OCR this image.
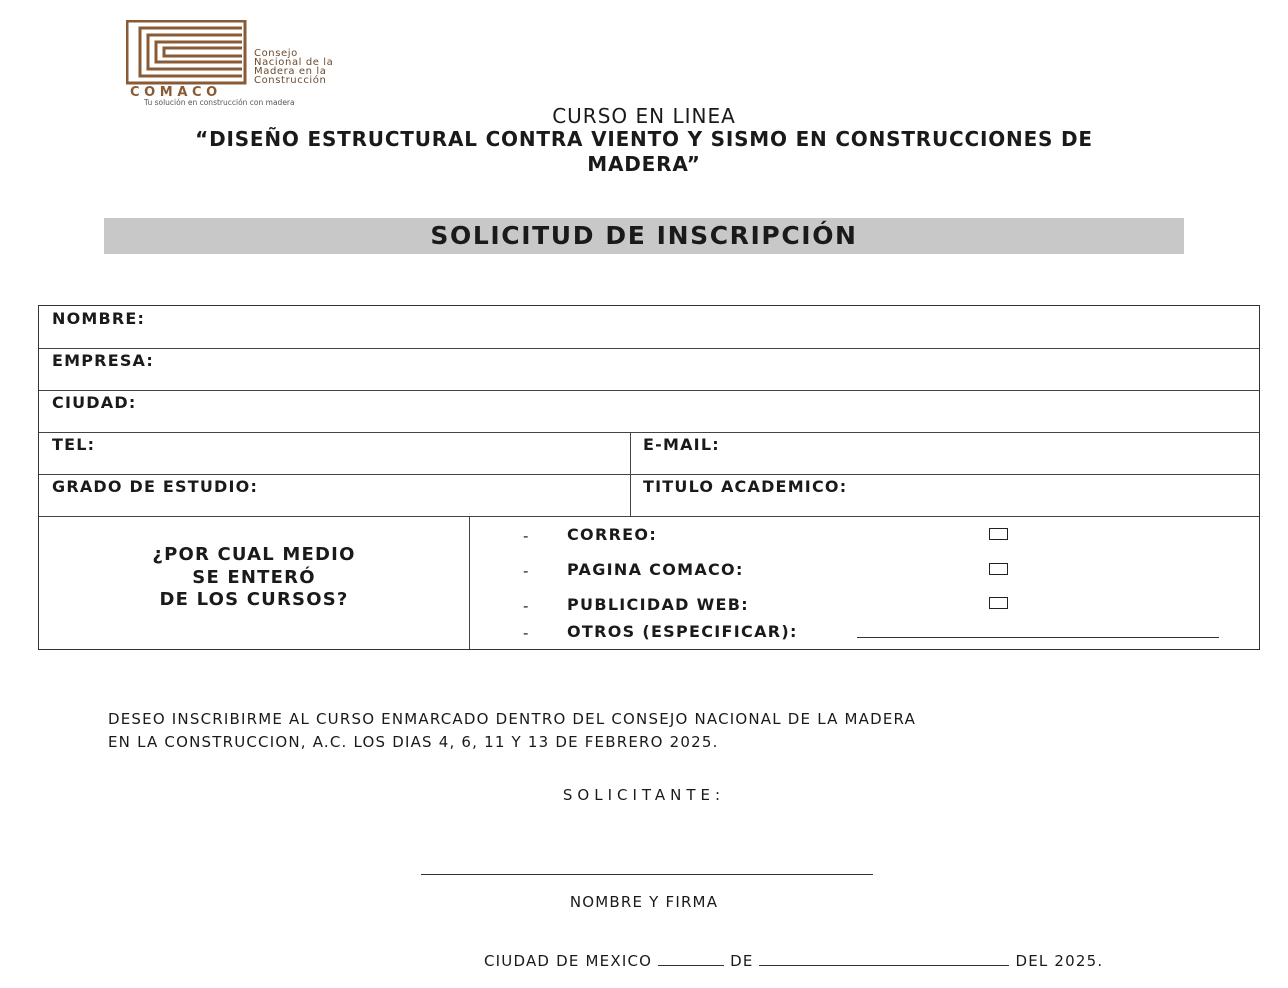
Consejo
Nacional de la
Madera en la
Construcción
COMACO
Tu solución en construcción con madera
CURSO EN LINEA
“DISEÑO ESTRUCTURAL CONTRA VIENTO Y SISMO EN CONSTRUCCIONES DE
MADERA”
SOLICITUD DE INSCRIPCIÓN
NOMBRE:
EMPRESA:
CIUDAD:
TEL:	E-MAIL:
GRADO DE ESTUDIO:	TITULO ACADEMICO:
¿POR CUAL MEDIO
SE ENTERÓ
DE LOS CURSOS?
- CORREO:
- PAGINA COMACO:
- PUBLICIDAD WEB:
- OTROS (ESPECIFICAR):
DESEO INSCRIBIRME AL CURSO ENMARCADO DENTRO DEL CONSEJO NACIONAL DE LA MADERA
EN LA CONSTRUCCION, A.C. LOS DIAS 4, 6, 11 Y 13 DE FEBRERO 2025.
SOLICITANTE:
NOMBRE Y FIRMA
CIUDAD DE MEXICO	DE	DEL 2025.
